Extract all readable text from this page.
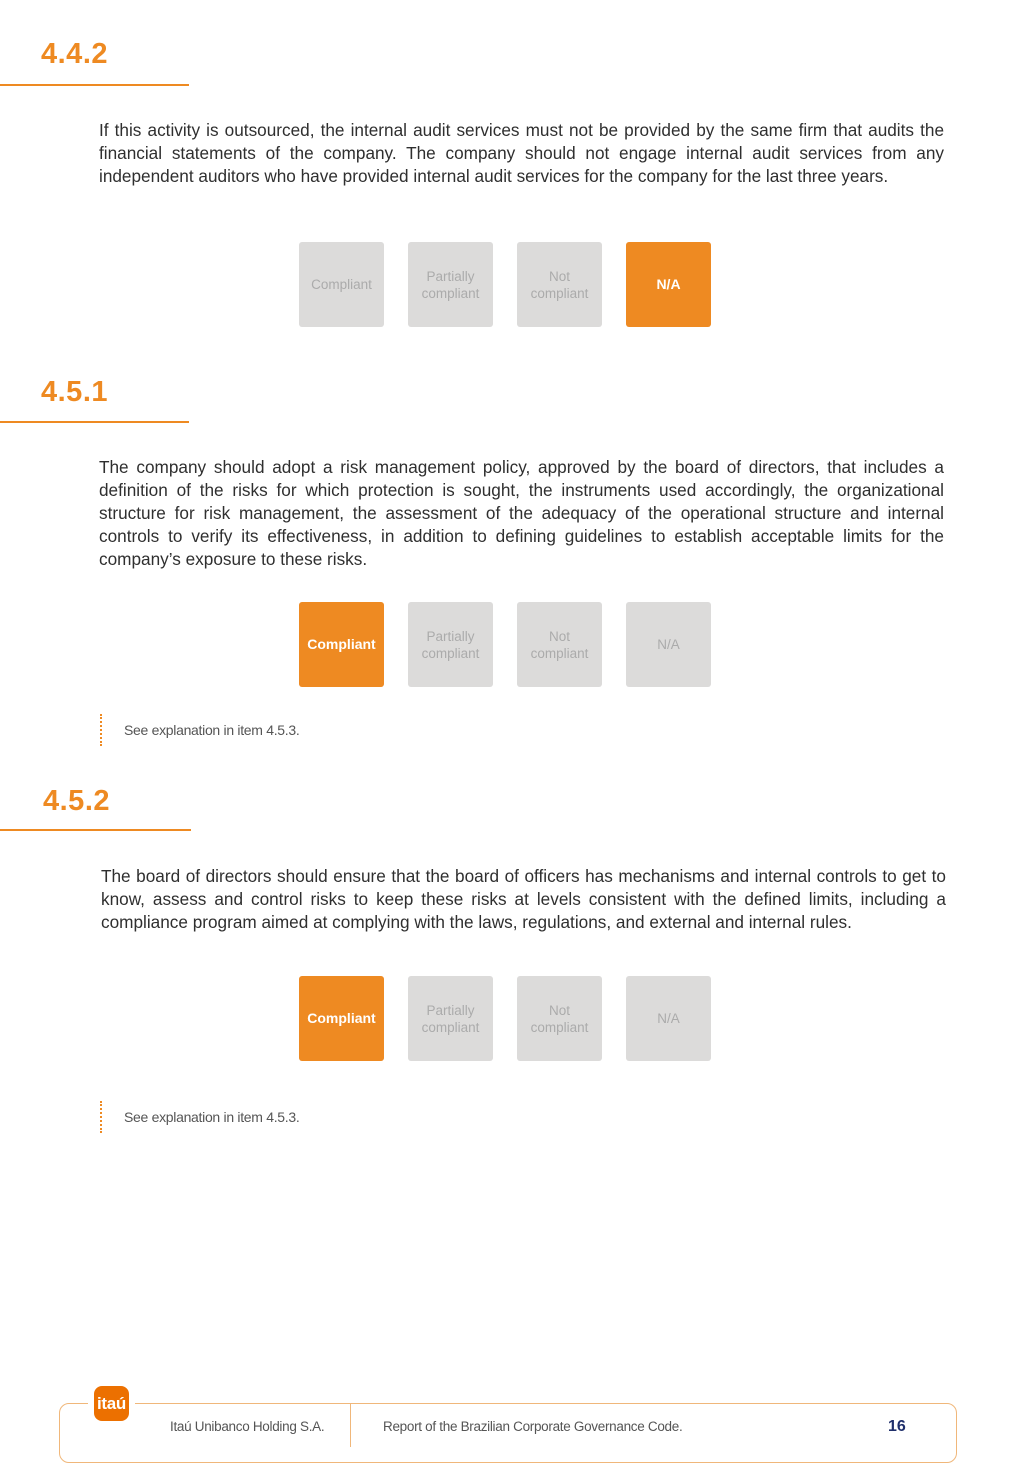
4.4.2

If this activity is outsourced, the internal audit services must not be provided by the same firm that audits the financial statements of the company. The company should not engage internal audit services from any independent auditors who have provided internal audit services for the company for the last three years.

Compliant
Partially compliant
Not compliant
N/A
4.5.1

The company should adopt a risk management policy, approved by the board of directors, that includes a definition of the risks for which protection is sought, the instruments used accordingly, the organizational structure for risk management, the assessment of the adequacy of the operational structure and internal controls to verify its effectiveness, in addition to defining guidelines to establish acceptable limits for the company’s exposure to these risks.

Compliant	Partially compliant
Not compliant
N/A
See explanation in item 4.5.3.
4.5.2

The board of directors should ensure that the board of officers has mechanisms and internal controls to get to know, assess and control risks to keep these risks at levels consistent with the defined limits, including a compliance program aimed at complying with the laws, regulations, and external and internal rules.

Compliant	Partially compliant
Not compliant
N/A
See explanation in item 4.5.3.
itaú
Itaú Unibanco Holding S.A.	Report of the Brazilian Corporate Governance Code.	16
